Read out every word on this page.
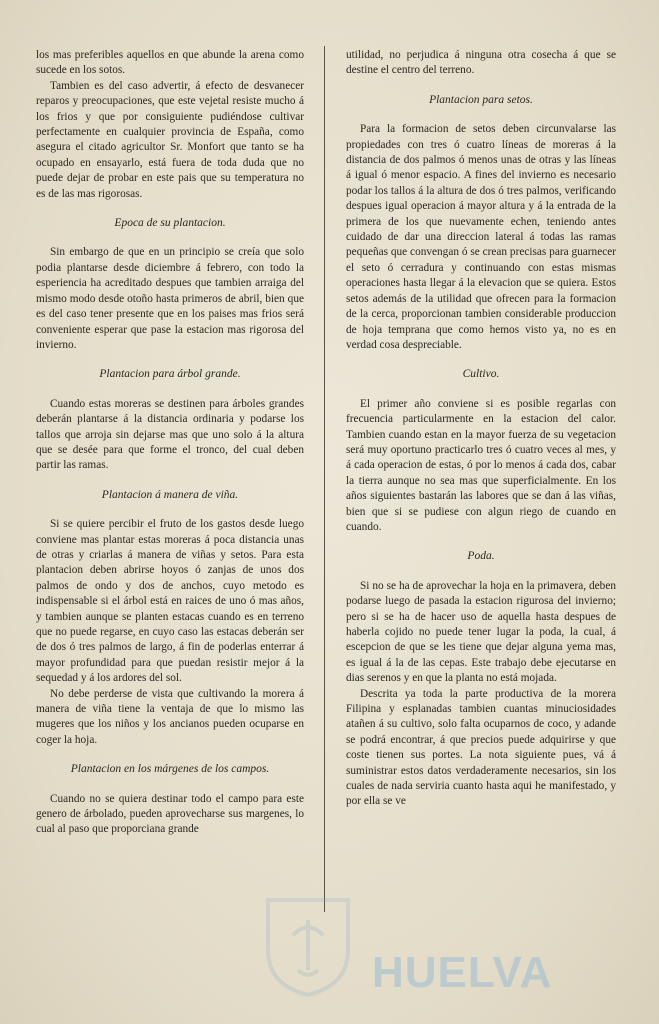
los mas preferibles aquellos en que abunde la arena como sucede en los sotos.

Tambien es del caso advertir, á efecto de desvanecer reparos y preocupaciones, que este vejetal resiste mucho á los frios y que por consiguiente pudiéndose cultivar perfectamente en cualquier provincia de España, como asegura el citado agricultor Sr. Monfort que tanto se ha ocupado en ensayarlo, está fuera de toda duda que no puede dejar de probar en este pais que su temperatura no es de las mas rigorosas.

Epoca de su plantacion.

Sin embargo de que en un principio se creía que solo podia plantarse desde diciembre á febrero, con todo la esperiencia ha acreditado despues que tambien arraiga del mismo modo desde otoño hasta primeros de abril, bien que es del caso tener presente que en los paises mas frios será conveniente esperar que pase la estacion mas rigorosa del invierno.

Plantacion para árbol grande.

Cuando estas moreras se destinen para árboles grandes deberán plantarse á la distancia ordinaria y podarse los tallos que arroja sin dejarse mas que uno solo á la altura que se desée para que forme el tronco, del cual deben partir las ramas.

Plantacion á manera de viña.

Si se quiere percibir el fruto de los gastos desde luego conviene mas plantar estas moreras á poca distancia unas de otras y criarlas á manera de viñas y setos. Para esta plantacion deben abrirse hoyos ó zanjas de unos dos palmos de ondo y dos de anchos, cuyo metodo es indispensable si el árbol está en raices de uno ó mas años, y tambien aunque se planten estacas cuando es en terreno que no puede regarse, en cuyo caso las estacas deberán ser de dos ó tres palmos de largo, á fin de poderlas enterrar á mayor profundidad para que puedan resistir mejor á la sequedad y á los ardores del sol.

No debe perderse de vista que cultivando la morera á manera de viña tiene la ventaja de que lo mismo las mugeres que los niños y los ancianos pueden ocuparse en coger la hoja.

Plantacion en los márgenes de los campos.

Cuando no se quiera destinar todo el campo para este genero de árbolado, pueden aprovecharse sus margenes, lo cual al paso que proporciana grande

utilidad, no perjudica á ninguna otra cosecha á que se destine el centro del terreno.

Plantacion para setos.

Para la formacion de setos deben circunvalarse las propiedades con tres ó cuatro líneas de moreras á la distancia de dos palmos ó menos unas de otras y las líneas á igual ó menor espacio. A fines del invierno es necesario podar los tallos á la altura de dos ó tres palmos, verificando despues igual operacion á mayor altura y á la entrada de la primera de los que nuevamente echen, teniendo antes cuidado de dar una direccion lateral á todas las ramas pequeñas que convengan ó se crean precisas para guarnecer el seto ó cerradura y continuando con estas mismas operaciones hasta llegar á la elevacion que se quiera. Estos setos además de la utilidad que ofrecen para la formacion de la cerca, proporcionan tambien considerable produccion de hoja temprana que como hemos visto ya, no es en verdad cosa despreciable.

Cultivo.

El primer año conviene si es posible regarlas con frecuencia particularmente en la estacion del calor. Tambien cuando estan en la mayor fuerza de su vegetacion será muy oportuno practicarlo tres ó cuatro veces al mes, y á cada operacion de estas, ó por lo menos á cada dos, cabar la tierra aunque no sea mas que superficialmente. En los años siguientes bastarán las labores que se dan á las viñas, bien que si se pudiese con algun riego de cuando en cuando.

Poda.

Si no se ha de aprovechar la hoja en la primavera, deben podarse luego de pasada la estacion rigurosa del invierno; pero si se ha de hacer uso de aquella hasta despues de haberla cojido no puede tener lugar la poda, la cual, á escepcion de que se les tiene que dejar alguna yema mas, es igual á la de las cepas. Este trabajo debe ejecutarse en dias serenos y en que la planta no está mojada.

Descrita ya toda la parte productiva de la morera Filipina y esplanadas tambien cuantas minuciosidades atañen á su cultivo, solo falta ocuparnos de coco, y adande se podrá encontrar, á que precios puede adquirirse y que coste tienen sus portes. La nota siguiente pues, vá á suministrar estos datos verdaderamente necesarios, sin los cuales de nada serviria cuanto hasta aqui he manifestado, y por ella se ve

HUELVA
